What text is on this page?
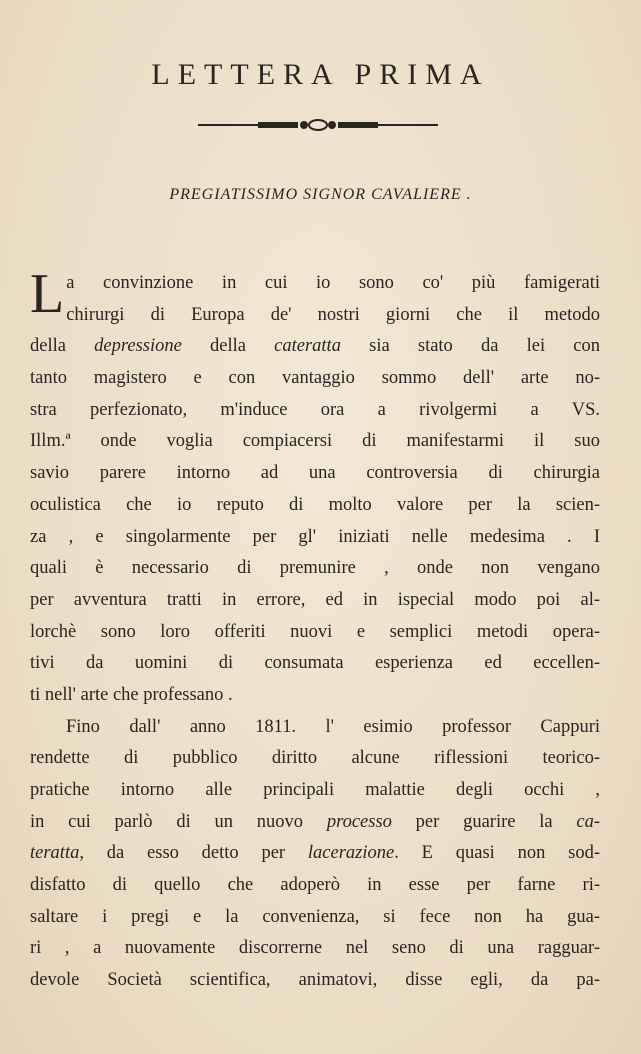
LETTERA PRIMA
PREGIATISSIMO SIGNOR CAVALIERE .
L a convinzione in cui io sono co' più famigerati
chirurgi di Europa de' nostri giorni che il metodo
della depressione della cateratta sia stato da lei con
tanto magistero e con vantaggio sommo dell' arte no-
stra perfezionato, m'induce ora a rivolgermi a VS.
Illm.ª onde voglia compiacersi di manifestarmi il suo
savio parere intorno ad una controversia di chirurgia
oculistica che io reputo di molto valore per la scien-
za , e singolarmente per gl' iniziati nelle medesima . I
quali è necessario di premunire , onde non vengano
per avventura tratti in errore, ed in ispecial modo poi al-
lorchè sono loro offeriti nuovi e semplici metodi opera-
tivi da uomini di consumata esperienza ed eccellen-
ti nell' arte che professano .
Fino dall' anno 1811. l' esimio professor Cappuri
rendette di pubblico diritto alcune riflessioni teorico-
pratiche intorno alle principali malattie degli occhi ,
in cui parlò di un nuovo processo per guarire la ca-
teratta, da esso detto per lacerazione. E quasi non sod-
disfatto di quello che adoperò in esse per farne ri-
saltare i pregi e la convenienza, si fece non ha gua-
ri , a nuovamente discorrerne nel seno di una ragguar-
devole Società scientifica, animatovi, disse egli, da pa-
